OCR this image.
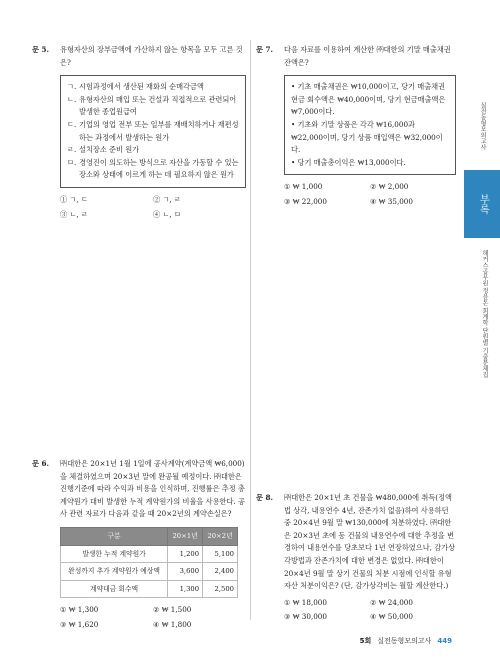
문 5. 유형자산의 장부금액에 가산하지 않는 항목을 모두 고른 것은?
ㄱ. 시험과정에서 생산된 재화의 순매각금액
ㄴ. 유형자산의 매입 또는 건설과 직접적으로 관련되어 발생한 종업원급여
ㄷ. 기업의 영업 전부 또는 일부를 재배치하거나 재편성하는 과정에서 발생하는 원가
ㄹ. 설치장소 준비 원가
ㅁ. 경영진이 의도하는 방식으로 자산을 가동할 수 있는 장소와 상태에 이르게 하는 데 필요하지 않은 원가
① ㄱ, ㄷ	② ㄱ, ㄹ
③ ㄴ, ㄹ	④ ㄴ, ㅁ
문 6. ㈜대한은 20×1년 1월 1일에 공사계약(계약금액 ₩6,000)을 체결하였으며 20×3년 말에 완공될 예정이다. ㈜대한은 진행기준에 따라 수익과 비용을 인식하며, 진행률은 추정 총 계약원가 대비 발생한 누적 계약원가의 비율을 사용한다. 공사 관련 자료가 다음과 같을 때 20×2년의 계약손실은?
구분	20×1년	20×2년
발생한 누적 계약원가	1,200	5,100
완성까지 추가 계약원가 예상액	3,600	2,400
계약대금 회수액	1,300	2,500
① ₩ 1,300	② ₩ 1,500
③ ₩ 1,620	④ ₩ 1,800
문 7. 다음 자료를 이용하여 계산한 ㈜대한의 기말 매출채권 잔액은?
• 기초 매출채권은 ₩10,000이고, 당기 매출채권 현금 회수액은 ₩40,000이며, 당기 현금매출액은 ₩7,000이다.
• 기초와 기말 상품은 각각 ₩16,000과 ₩22,000이며, 당기 상품 매입액은 ₩32,000이다.
• 당기 매출총이익은 ₩13,000이다.
① ₩ 1,000	② ₩ 2,000
③ ₩ 22,000	④ ₩ 35,000
문 8. ㈜대한은 20×1년 초 건물을 ₩480,000에 취득(정액법 상각, 내용연수 4년, 잔존가치 없음)하여 사용하던 중 20×4년 9월 말 ₩130,000에 처분하였다. ㈜대한은 20×3년 초에 동 건물의 내용연수에 대한 추정을 변경하여 내용연수를 당초보다 1년 연장하였으나, 감가상각방법과 잔존가치에 대한 변경은 없었다. ㈜대한이 20×4년 9월 말 상기 건물의 처분 시점에 인식할 유형자산 처분이익은? (단, 감가상각비는 월할 계산한다.)
① ₩ 18,000	② ₩ 24,000
③ ₩ 30,000	④ ₩ 50,000
실전동형모의고사
부록
해커스공무원 정윤돈 회계학 단원별 기출문제집
5회 실전동형모의고사 449
